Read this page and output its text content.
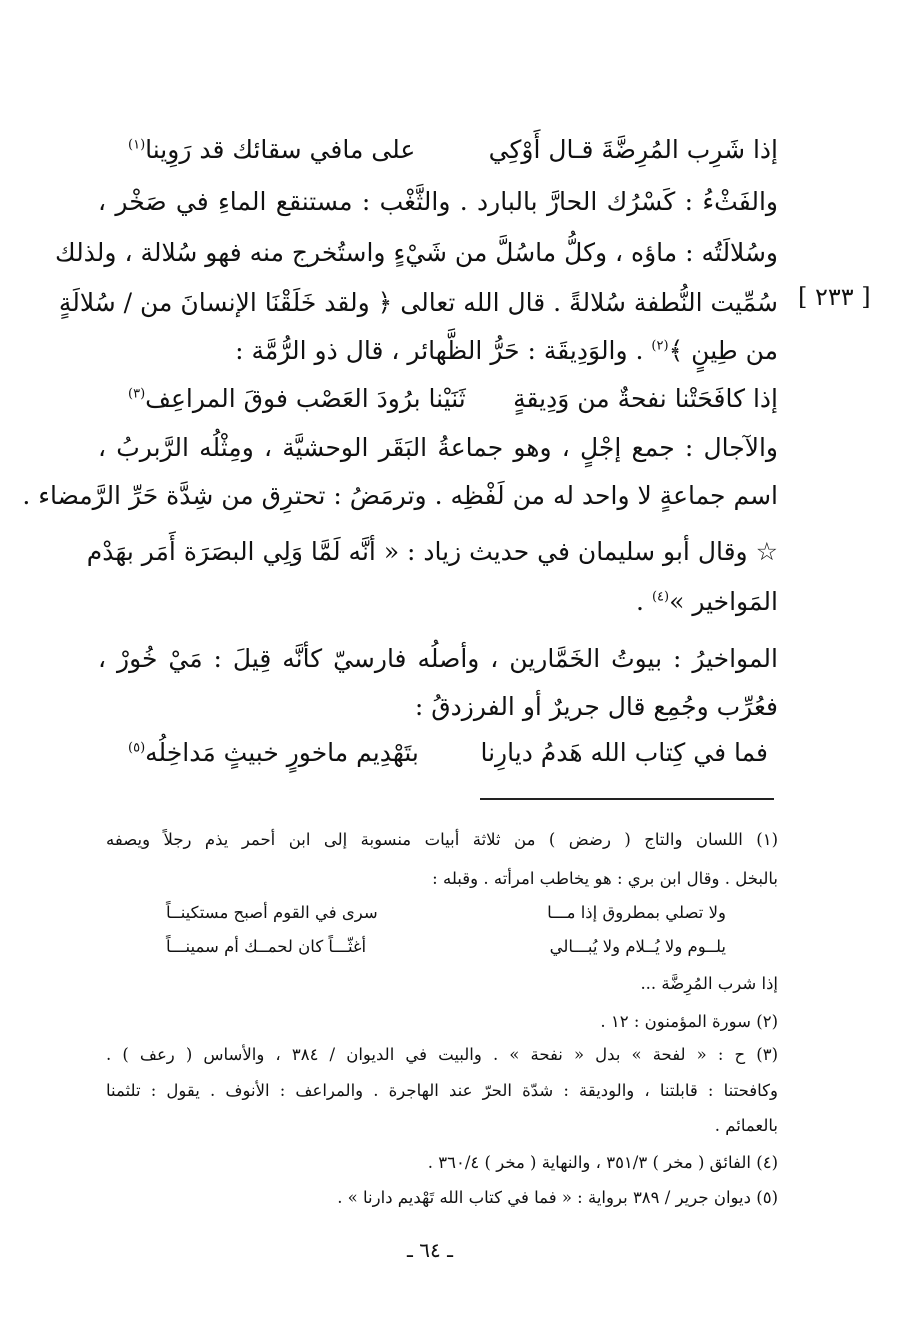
إذا شَرِب المُرِضَّةَ قـال أَوْكِي
على مافي سقائك قد رَوِينا$^{(١)}$
والفَثْءُ : كَسْرُك الحارَّ بالبارد . والثَّغْب : مستنقع الماءِ في صَخْر ،
وسُلالَتُه : ماؤه ، وكلُّ ماسُلَّ من شَيْءٍ واستُخرج منه فهو سُلالة ، ولذلك
سُمِّيت النُّطفة سُلالةً . قال الله تعالى ﴿ ولقد خَلَقْنَا الإنسانَ من / سُلالَةٍ [ ٢٣٣ ]
من طِينٍ ﴾$^{(٢)}$ . والوَدِيقَة : حَرُّ الظَّهائر ، قال ذو الرُّمَّة :
إذا كافَحَتْنا نفحةٌ من وَدِيقةٍ
ثَنَيْنا برُودَ العَصْب فوقَ المراعِف$^{(٣)}$
والآجال : جمع إجْلٍ ، وهو جماعةُ البَقَر الوحشيَّة ، ومِثْلُه الرَّبربُ ،
اسم جماعةٍ لا واحد له من لَفْظِه . وترمَضُ : تحترِق من شِدَّة حَرِّ الرَّمضاء .
☆ وقال أبو سليمان في حديث زياد : « أنَّه لَمَّا وَلِي البصَرَة أَمَر بهَدْم
المَواخير »$^{(٤)}$ .
المواخيرُ : بيوتُ الخَمَّارين ، وأصلُه فارسيّ كأنَّه قِيلَ : مَيْ خُورْ ،
فعُرِّب وجُمِع قال جريرٌ أو الفرزدقُ :
فما في كِتاب الله هَدمُ ديارِنا
بتَهْدِيم ماخورٍ خبيثٍ مَداخِلُه$^{(٥)}$
(١) اللسان والتاج ( رضض ) من ثلاثة أبيات منسوبة إلى ابن أحمر يذم رجلاً ويصفه
بالبخل . وقال ابن بري : هو يخاطب امرأته . وقبله :
ولا تصلي بمطروق إذا مـــا
سرى في القوم أصبح مستكينــاً
يلــوم ولا يُــلام ولا يُبـــالي
أغثّـــاً كان لحمــك أم سمينـــاً
إذا شرب المُرِضَّة ...
(٢) سورة المؤمنون : ١٢ .
(٣) ح : « لفحة » بدل « نفحة » . والبيت في الديوان / ٣٨٤ ، والأساس ( رعف ) .
وكافحتنا : قابلتنا ، والوديقة : شدّة الحرّ عند الهاجرة . والمراعف : الأنوف . يقول : تلثمنا
بالعمائم .
(٤) الفائق ( مخر ) ٣٥١/٣ ، والنهاية ( مخر ) ٣٦٠/٤ .
(٥) ديوان جرير / ٣٨٩ برواية : « فما في كتاب الله تَهْديم دارنا » .
ـ ٦٤ ـ
